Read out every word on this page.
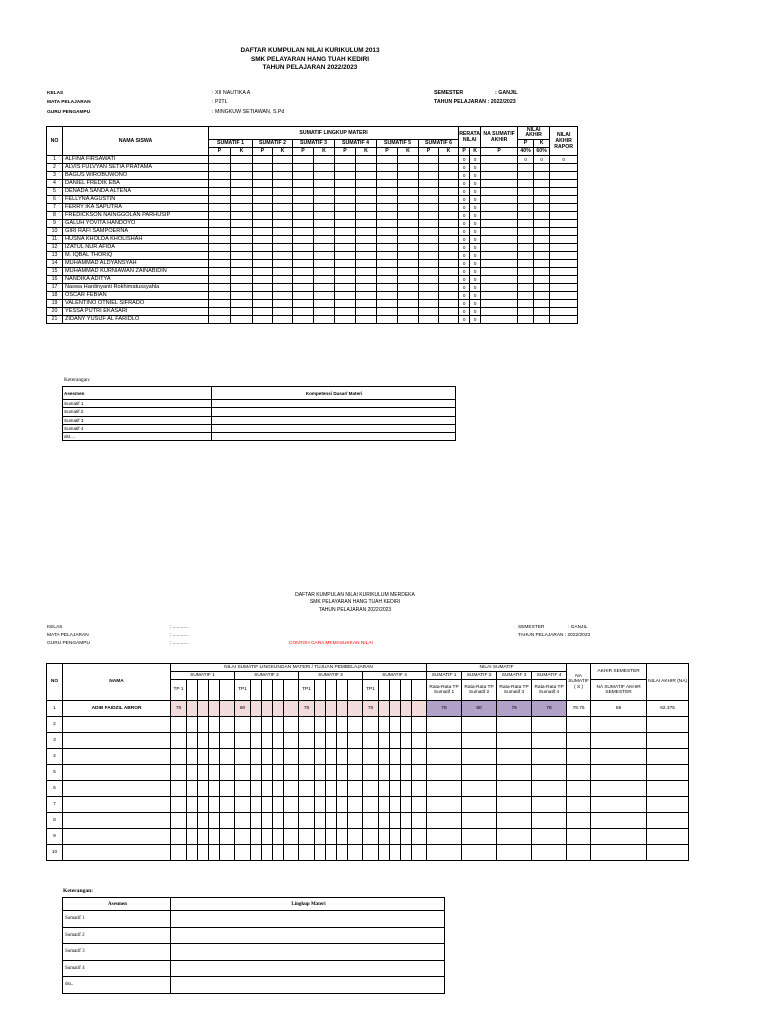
DAFTAR KUMPULAN NILAI KURIKULUM 2013
SMK PELAYARAN HANG TUAH KEDIRI
TAHUN PELAJARAN 2022/2023
KELAS
MATA PELAJARAN
GURU PENGAMPU
: XII NAUTIKA A
: P2TL
: MINGKUW SETIAWAN, S.Pd
SEMESTER	: GANJIL
TAHUN PELAJARAN : 2022/2023
NO	NAMA SISWA	SUMATIF LINGKUP MATERI												RERATA NILAI		NA SUMATIF AKHIR	NILAI AKHIR		NILAI AKHIR RAPOR
		SUMATIF 1		SUMATIF 2		SUMATIF 3		SUMATIF 4		SUMATIF 5		SUMATIF 6					P	K	
		P	K	P	K	P	K	P	K	P	K	P	K	P	K	P	40%	60%	
1	ALFINA FIRSAWATI													0	0		0	0	0
2	ALVIS FULVYAN SETIA PRATAMA													0	0				
3	BAGUS WIROBUWONO													0	0				
4	DANIEL FREDIK EBA													0	0				
5	DENADA SANDA ALTENA													0	0				
6	FELLYNA AGUSTIN													0	0				
7	FERRY IKA SAPUTRA													0	0				
8	FREDICKSON NAINGGOLAN PARHUSIP													0	0				
9	GALUH YOVITA HANDOYO													0	0				
10	GIRI RAFI SAMPOERNA													0	0				
11	HUSNA KHOLDA KHOLISHAH													0	0				
12	IZATUL NUR AFIDA													0	0				
13	M. IQBAL THORIQ													0	0				
14	MUHAMMAD ALDYANSYAH													0	0				
15	MUHAMMAD KURNIAWAN ZAINABIDIN													0	0				
16	NANDIKA ADITYA													0	0				
17	Naswa Hardinyanti Rokhimatussyahla													0	0				
18	OSCAR FEBIAN													0	0				
19	VALENTINO OTNIEL SIFRADO													0	0				
20	YESSA PUTRI EKASARI													0	0				
21	ZIDANY YUSUF AL FARIDLO													0	0				
Keterangan:
Asesmen	Kompetensi Dasar/ Materi
Sumatif 1	
Sumatif 2	
Sumatif 3	
Sumatif 4	
dst....	
DAFTAR KUMPULAN NILAI KURIKULUM MERDEKA
SMK PELAYARAN HANG TUAH KEDIRI
TAHUN PELAJARAN 2022/2023
KELAS
MATA PELAJARAN
GURU PENGAMPU
: ............
: ............
: ............	CONTOH CARA MEMASUKKAN NILAI
SEMESTER	: GANJIL
TAHUN PELAJARAN : 2022/2023
NO	NAMA	NILAI SUMATIF LINGKUNGAN MATERI / TUJUAN PEMBELAJARAN																				NILAI SUMATIF				NA SUMATIF ( S )	AKHIR SEMESTER	NILAI AKHIR (NA)
		SUMATIF 1					SUMATIF 2					SUMATIF 3					SUMATIF 4					SUMATIF 1	SUMATIF 2	SUMATIF 3	SUMATIF 4			
		TP 1					TP1					TP1					TP1					Rata-Rata TP Sumatif 1	Rata-Rata TP Sumatif 2	Rata-Rata TP Sumatif 3	Rata-Rata TP Sumatif 4		NA SUMATIF AKHIR SEMESTER	
1	ADIB FAIDZIL ABROR	78					80					78					78					78	80	79	78	78.75	86	82.375
2																												
3																												
4																												
5																												
6																												
7																												
8																												
9																												
10																												
Keterangan:
Asesmen	Lingkup Materi
Sumatif 1	
Sumatif 2	
Sumatif 3	
Sumatif 4	
dst..	
